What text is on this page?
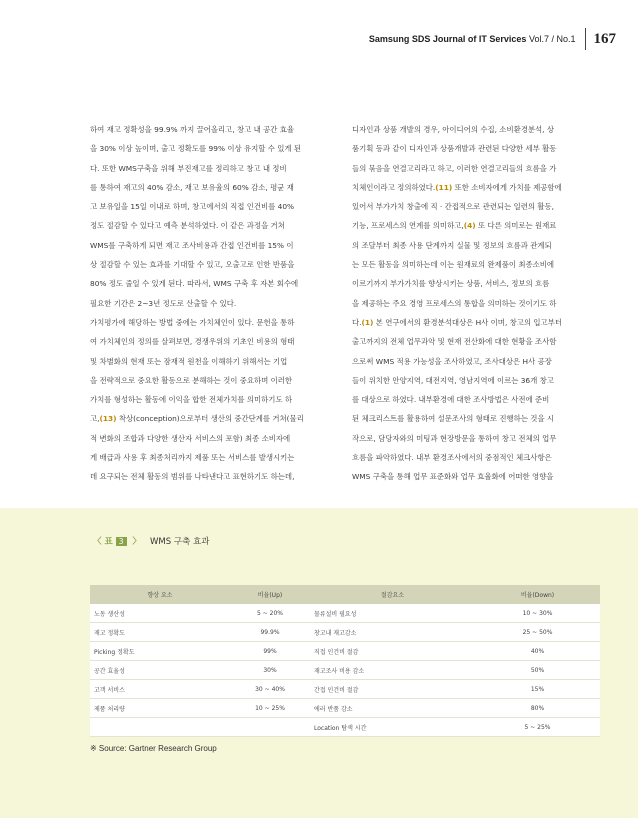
Samsung SDS Journal of IT Services Vol.7 / No.1 167

하여 재고 정확성을 99.9% 까지 끌어올리고, 창고 내 공간 효율

을 30% 이상 높이며, 출고 정확도를 99% 이상 유지할 수 있게 된

다. 또한 WMS구축을 위해 부진재고를 정리하고 창고 내 정비

를 통하여 재고의 40% 감소, 재고 보유율의 60% 감소, 평균 재

고 보유일을 15일 이내로 하며, 창고에서의 직접 인건비를 40%

정도 절감할 수 있다고 예측 분석하였다. 이 같은 과정을 거쳐

WMS를 구축하게 되면 재고 조사비용과 간접 인건비를 15% 이

상 절감할 수 있는 효과를 기대할 수 있고, 오출고로 인한 반품을

80% 정도 줄일 수 있게 된다. 따라서, WMS 구축 후 자본 회수에

필요한 기간은 2~3년 정도로 산출할 수 있다.

가치평가에 해당하는 방법 중에는 가치체인이 있다. 문헌을 통하

여 가치체인의 정의를 살펴보면, 경쟁우위의 기초인 비용의 형태

및 차별화의 현재 또는 잠재적 원천을 이해하기 위해서는 기업

을 전략적으로 중요한 활동으로 분해하는 것이 중요하며 이러한

가치를 형성하는 활동에 이익을 합한 전체가치를 의미하기도 하

고,(13) 착상(conception)으로부터 생산의 중간단계를 거쳐(물리

적 변화의 조합과 다양한 생산자 서비스의 포함) 최종 소비자에

게 배급과 사용 후 최종처리까지 제품 또는 서비스를 발생시키는

데 요구되는 전체 활동의 범위를 나타낸다고 표현하기도 하는데,

디자인과 상품 개발의 경우, 아이디어의 수집, 소비환경분석, 상

품기획 등과 같이 디자인과 상품개발과 관련된 다양한 세부 활동

들의 묶음을 연결고리라고 하고, 이러한 연결고리들의 흐름을 가

치체인이라고 정의하였다.(11) 또한 소비자에게 가치를 제공함에

있어서 부가가치 창출에 직 · 간접적으로 관련되는 일련의 활동,

기능, 프로세스의 연계를 의미하고,(4) 또 다른 의미로는 원재료

의 조달부터 최종 사용 단계까지 실물 및 정보의 흐름과 관계되

는 모든 활동을 의미하는데 이는 원재료의 완제품이 최종소비에

이르기까지 부가가치를 향상시키는 상품, 서비스, 정보의 흐름

을 제공하는 주요 경영 프로세스의 통합을 의미하는 것이기도 하

다.(1) 본 연구에서의 환경분석대상은 H사 이며, 창고의 입고부터

출고까지의 전체 업무과악 및 현재 전산화에 대한 현황을 조사함

으로써 WMS 적용 가능성을 조사하였고, 조사대상은 H사 공장

들이 위치한 안양지역, 대전지역, 영남지역에 이르는 36개 창고

를 대상으로 하였다. 내부환경에 대한 조사방법은 사전에 준비

된 체크리스트를 활용하여 설문조사의 형태로 진행하는 것을 시

작으로, 담당자와의 미팅과 현장방문을 통하여 창고 전체의 업무

흐름을 파악하였다. 내부 환경조사에서의 중점적인 체크사항은

WMS 구축을 통해 업무 표준화와 업무 효율화에 어떠한 영향을

〈 표 3	〉 WMS 구축 효과
향상 요소	비율(Up)	절감요소	비율(Down)
노동 생산성	5 ~ 20%	물류설비 필요성	10 ~ 30%
재고 정확도	99.9%	창고내 재고감소	25 ~ 50%
Picking 정확도	99%	직접 인건비 절감	40%
공간 효율성	30%	재고조사 비용 감소	50%
고객 서비스	30 ~ 40%	간접 인건비 절감	15%
제품 처리량	10 ~ 25%	에러 반품 감소	80%
		Location 탐색 시간	5 ~ 25%
※ Source: Gartner Research Group
